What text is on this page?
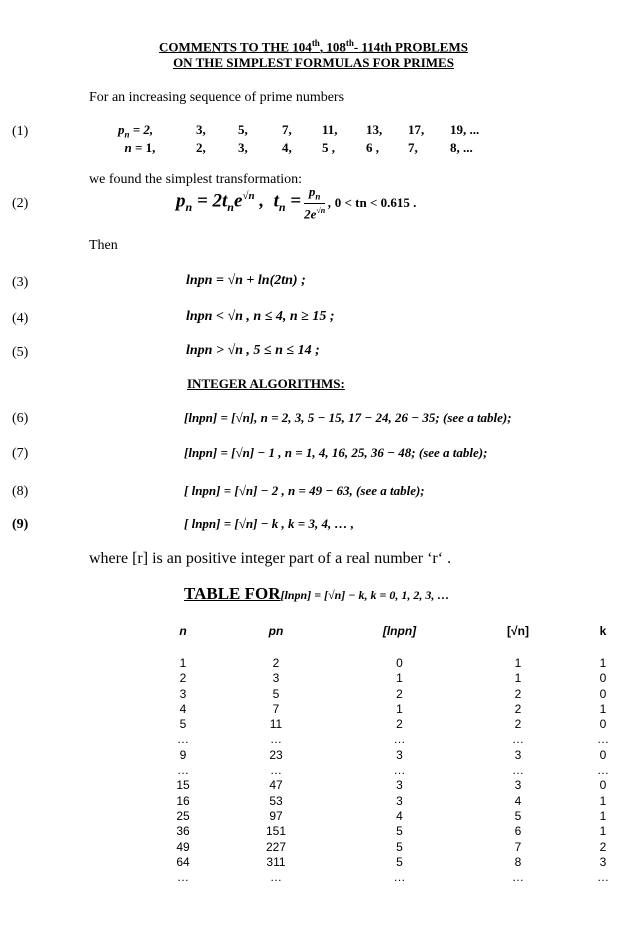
COMMENTS TO THE 104th, 108th- 114th PROBLEMS
ON THE SIMPLEST FORMULAS FOR PRIMES
For an increasing sequence of prime numbers
(1)	$p_n = 2$,	3,	5,	7,	11,	13,	17,	19, ...
n = 1,	2,	3,	4,	5 ,	6 ,	7,	8, ...
we found the simplest transformation:
(2)	$p_n = 2t_ne^{√n}$ ,  $t_n = \frac{p_n}{2e^{√n}}$ , 0 < tn < 0.615 .
Then
(3)	lnpn = √n + ln(2tn) ;
(4)	lnpn < √n , n ≤ 4, n ≥ 15 ;
(5)	lnpn > √n , 5 ≤ n ≤ 14 ;
INTEGER ALGORITHMS:
(6)	[lnpn] = [√n], n = 2, 3, 5 − 15, 17 − 24, 26 − 35; (see a table);
(7)	[lnpn] = [√n] − 1 , n = 1, 4, 16, 25, 36 − 48; (see a table);
(8)	[ lnpn] = [√n] − 2 , n = 49 − 63, (see a table);
(9)	[ lnpn] = [√n] − k , k = 3, 4, … ,
where [r] is an positive integer part of a real number ‘r‘ .
TABLE FOR [lnpn] = [√n] − k, k = 0, 1, 2, 3, …
n	pn	[lnpn]	[√n]	k
1	2	0	1	1
2	3	1	1	0
3	5	2	2	0
4	7	1	2	1
5	11	2	2	0
…	…	…	…	…
9	23	3	3	0
…	…	…	…	…
15	47	3	3	0
16	53	3	4	1
25	97	4	5	1
36	151	5	6	1
49	227	5	7	2
64	311	5	8	3
…	…	…	…	…
